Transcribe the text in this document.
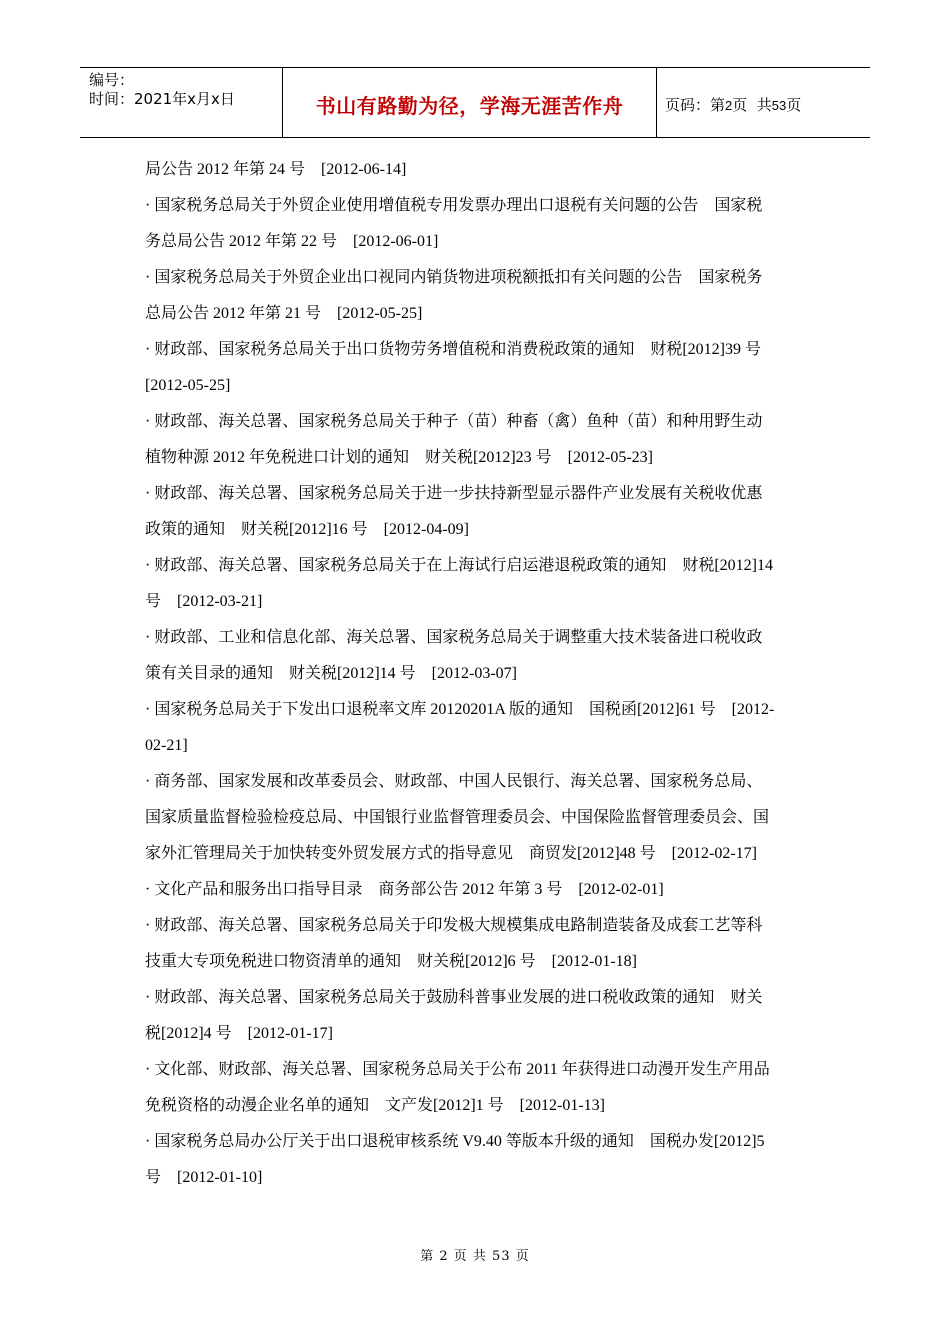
编号：
时间：2021年x月x日	书山有路勤为径，学海无涯苦作舟	页码：第2页  共53页
局公告 2012 年第 24 号    [2012-06-14]
· 国家税务总局关于外贸企业使用增值税专用发票办理出口退税有关问题的公告    国家税
务总局公告 2012 年第 22 号    [2012-06-01]
· 国家税务总局关于外贸企业出口视同内销货物进项税额抵扣有关问题的公告    国家税务
总局公告 2012 年第 21 号    [2012-05-25]
· 财政部、国家税务总局关于出口货物劳务增值税和消费税政策的通知    财税[2012]39 号
[2012-05-25]
· 财政部、海关总署、国家税务总局关于种子（苗）种畜（禽）鱼种（苗）和种用野生动
植物种源 2012 年免税进口计划的通知    财关税[2012]23 号    [2012-05-23]
· 财政部、海关总署、国家税务总局关于进一步扶持新型显示器件产业发展有关税收优惠
政策的通知    财关税[2012]16 号    [2012-04-09]
· 财政部、海关总署、国家税务总局关于在上海试行启运港退税政策的通知    财税[2012]14
号    [2012-03-21]
· 财政部、工业和信息化部、海关总署、国家税务总局关于调整重大技术装备进口税收政
策有关目录的通知    财关税[2012]14 号    [2012-03-07]
· 国家税务总局关于下发出口退税率文库 20120201A 版的通知    国税函[2012]61 号    [2012-
02-21]
· 商务部、国家发展和改革委员会、财政部、中国人民银行、海关总署、国家税务总局、
国家质量监督检验检疫总局、中国银行业监督管理委员会、中国保险监督管理委员会、国
家外汇管理局关于加快转变外贸发展方式的指导意见    商贸发[2012]48 号    [2012-02-17]
· 文化产品和服务出口指导目录    商务部公告 2012 年第 3 号    [2012-02-01]
· 财政部、海关总署、国家税务总局关于印发极大规模集成电路制造装备及成套工艺等科
技重大专项免税进口物资清单的通知    财关税[2012]6 号    [2012-01-18]
· 财政部、海关总署、国家税务总局关于鼓励科普事业发展的进口税收政策的通知    财关
税[2012]4 号    [2012-01-17]
· 文化部、财政部、海关总署、国家税务总局关于公布 2011 年获得进口动漫开发生产用品
免税资格的动漫企业名单的通知    文产发[2012]1 号    [2012-01-13]
· 国家税务总局办公厅关于出口退税审核系统 V9.40 等版本升级的通知    国税办发[2012]5
号    [2012-01-10]
第 2 页 共 53 页
